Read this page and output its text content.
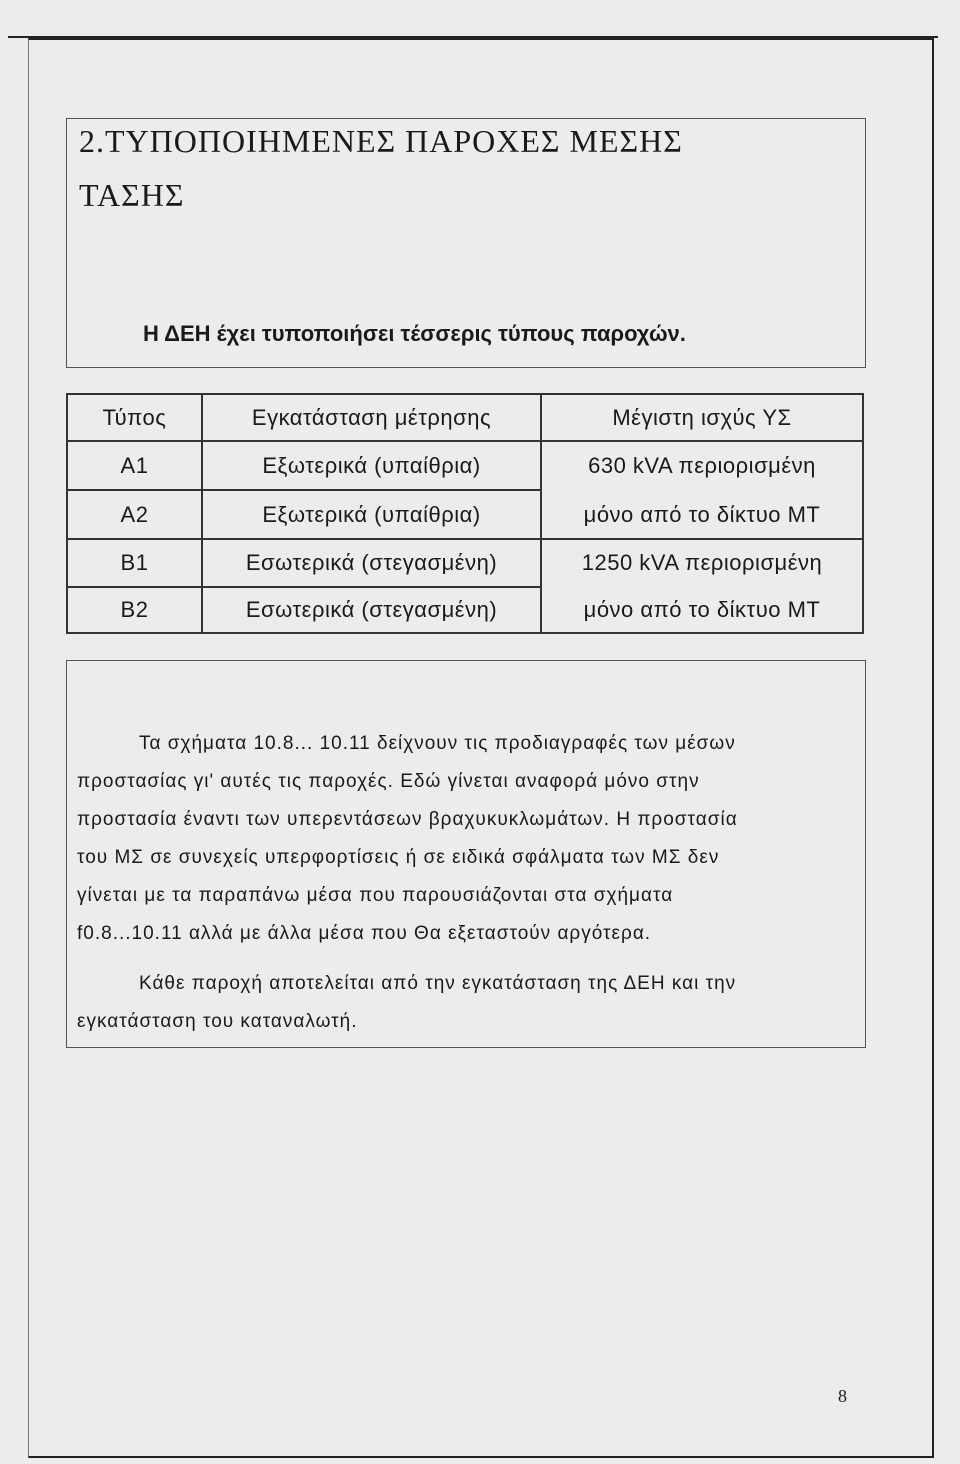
2.ΤΥΠΟΠΟΙΗΜΕΝΕΣ ΠΑΡΟΧΕΣ ΜΕΣΗΣ
ΤΑΣΗΣ
Η ΔΕΗ έχει τυποποιήσει τέσσερις τύπους παροχών.
Τύπος	Εγκατάσταση μέτρησης	Μέγιστη ισχύς ΥΣ
A1
A2
B1
B2
Εξωτερικά (υπαίθρια)
Εξωτερικά (υπαίθρια)
Εσωτερικά (στεγασμένη)
Εσωτερικά (στεγασμένη)
630 kVA περιορισμένη
μόνο από το δίκτυο ΜΤ
1250 kVA περιορισμένη
μόνο από το δίκτυο ΜΤ
Τα σχήματα 10.8... 10.11 δείχνουν τις προδιαγραφές των μέσων
προστασίας γι' αυτές τις παροχές. Εδώ γίνεται αναφορά μόνο στην
προστασία έναντι των υπερεντάσεων βραχυκυκλωμάτων. Η προστασία
του ΜΣ σε συνεχείς υπερφορτίσεις ή σε ειδικά σφάλματα των ΜΣ δεν
γίνεται με τα παραπάνω μέσα που παρουσιάζονται στα σχήματα
f0.8...10.11 αλλά με άλλα μέσα που Θα εξεταστούν αργότερα.
Κάθε παροχή αποτελείται από την εγκατάσταση της ΔΕΗ και την
εγκατάσταση του καταναλωτή.
8
